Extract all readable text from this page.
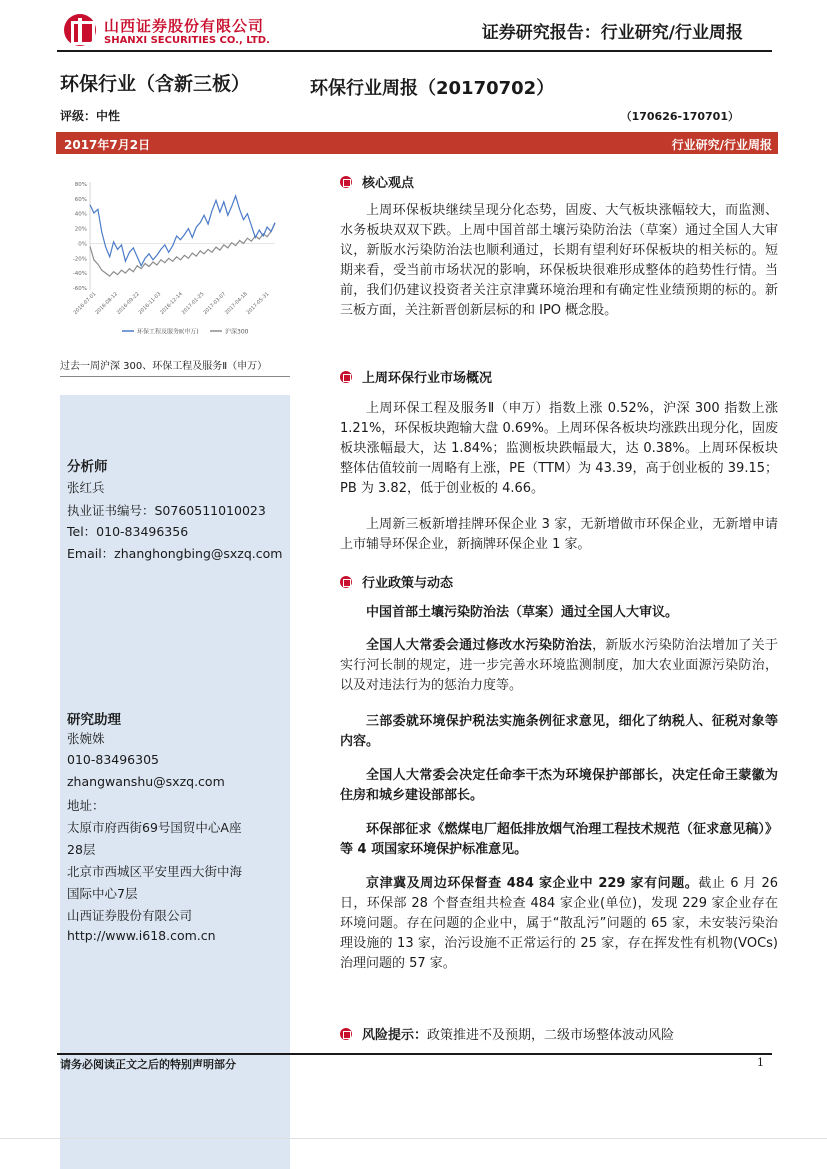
山西证券股份有限公司
SHANXI SECURITIES CO., LTD.	证券研究报告：行业研究/行业周报
环保行业（含新三板）	环保行业周报（20170702）
评级：中性	（170626-170701）
2017年7月2日	行业研究/行业周报
80%
60%
40%
20%
0%
-20%
-40%
-60%
2016-07-01
2016-08-12
2016-09-22
2016-11-03
2016-12-14
2017-01-25
2017-03-07
2017-04-18
2017-05-31
环保工程及服务Ⅱ(申万)	沪深300
过去一周沪深 300、环保工程及服务Ⅱ（申万）
分析师
张红兵
执业证书编号：S0760511010023
Tel：010-83496356
Email：zhanghongbing@sxzq.com
研究助理
张婉姝
010-83496305
zhangwanshu@sxzq.com
地址：
太原市府西街69号国贸中心A座
28层
北京市西城区平安里西大街中海
国际中心7层
山西证券股份有限公司
http://www.i618.com.cn
核心观点
上周环保板块继续呈现分化态势，固废、大气板块涨幅较大，而监测、水务板块双双下跌。上周中国首部土壤污染防治法（草案）通过全国人大审议，新版水污染防治法也顺利通过，长期有望利好环保板块的相关标的。短期来看，受当前市场状况的影响，环保板块很难形成整体的趋势性行情。当前，我们仍建议投资者关注京津冀环境治理和有确定性业绩预期的标的。新三板方面，关注新晋创新层标的和 IPO 概念股。
上周环保行业市场概况
上周环保工程及服务Ⅱ（申万）指数上涨 0.52%，沪深 300 指数上涨 1.21%，环保板块跑输大盘 0.69%。上周环保各板块均涨跌出现分化，固废板块涨幅最大，达 1.84%；监测板块跌幅最大，达 0.38%。上周环保板块整体估值较前一周略有上涨，PE（TTM）为 43.39，高于创业板的 39.15；PB 为 3.82，低于创业板的 4.66。
上周新三板新增挂牌环保企业 3 家，无新增做市环保企业，无新增申请上市辅导环保企业，新摘牌环保企业 1 家。
行业政策与动态
中国首部土壤污染防治法（草案）通过全国人大审议。
全国人大常委会通过修改水污染防治法，新版水污染防治法增加了关于实行河长制的规定，进一步完善水环境监测制度，加大农业面源污染防治，以及对违法行为的惩治力度等。
三部委就环境保护税法实施条例征求意见，细化了纳税人、征税对象等内容。
全国人大常委会决定任命李干杰为环境保护部部长，决定任命王蒙徽为住房和城乡建设部部长。
环保部征求《燃煤电厂超低排放烟气治理工程技术规范（征求意见稿）》等 4 项国家环境保护标准意见。
京津冀及周边环保督查 484 家企业中 229 家有问题。截止 6 月 26 日，环保部 28 个督查组共检查 484 家企业(单位)，发现 229 家企业存在环境问题。存在问题的企业中，属于“散乱污”问题的 65 家，未安装污染治理设施的 13 家，治污设施不正常运行的 25 家，存在挥发性有机物(VOCs)治理问题的 57 家。
风险提示：政策推进不及预期，二级市场整体波动风险
请务必阅读正文之后的特别声明部分	1
